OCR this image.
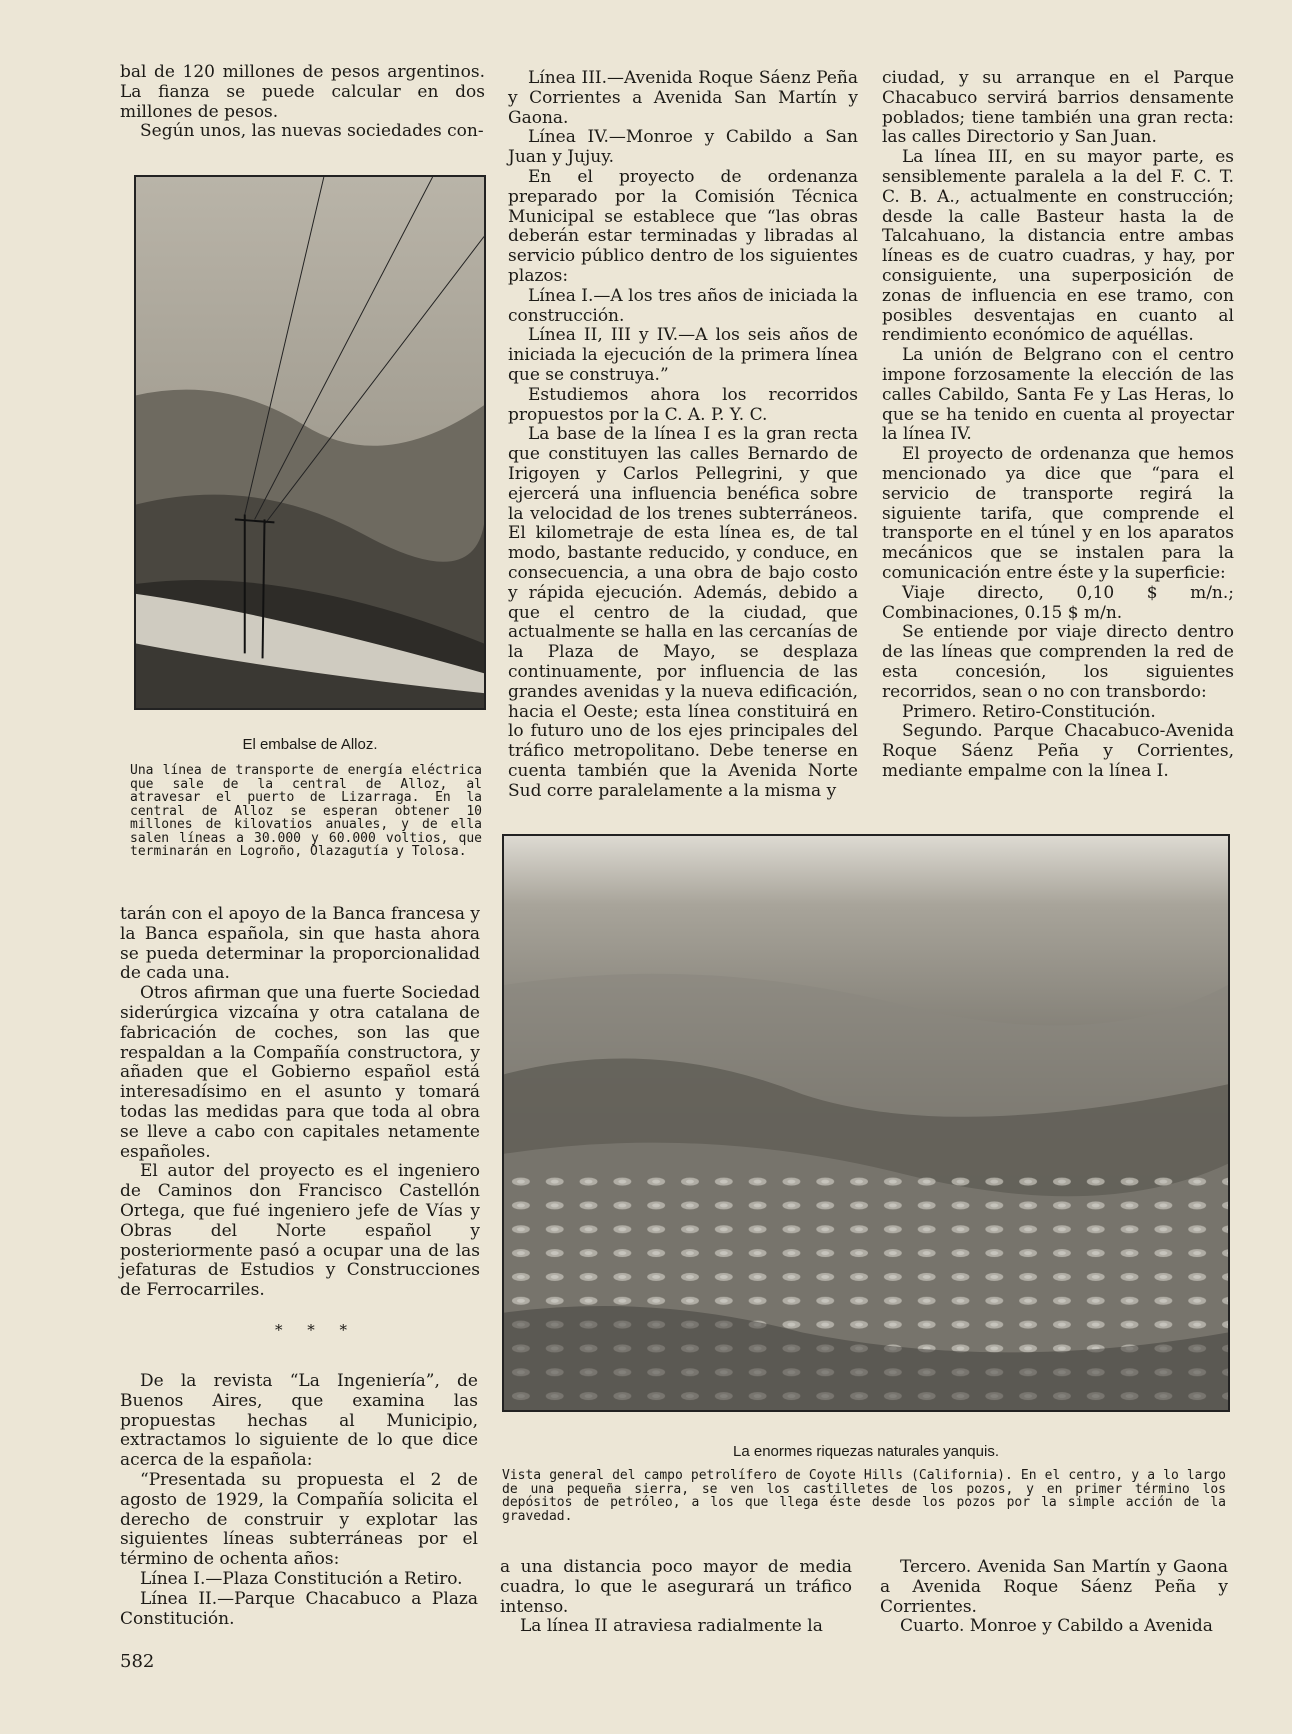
bal de 120 millones de pesos argentinos. La fianza se puede calcular en dos millones de pesos.

Según unos, las nuevas sociedades con-

El embalse de Alloz.
Una línea de transporte de energía eléctrica que sale de la central de Alloz, al atravesar el puerto de Lizarraga. En la central de Alloz se esperan obtener 10 millones de kilovatios anuales, y de ella salen líneas a 30.000 y 60.000 voltios, que terminarán en Logroño, Olazagutía y Tolosa.

tarán con el apoyo de la Banca francesa y la Banca española, sin que hasta ahora se pueda determinar la proporcionalidad de cada una.

Otros afirman que una fuerte Sociedad siderúrgica vizcaína y otra catalana de fabricación de coches, son las que respaldan a la Compañía constructora, y añaden que el Gobierno español está interesadísimo en el asunto y tomará todas las medidas para que toda al obra se lleve a cabo con capitales netamente españoles.

El autor del proyecto es el ingeniero de Caminos don Francisco Castellón Ortega, que fué ingeniero jefe de Vías y Obras del Norte español y posteriormente pasó a ocupar una de las jefaturas de Estudios y Construcciones de Ferrocarriles.

* * *

De la revista “La Ingeniería”, de Buenos Aires, que examina las propuestas hechas al Municipio, extractamos lo siguiente de lo que dice acerca de la española:

“Presentada su propuesta el 2 de agosto de 1929, la Compañía solicita el derecho de construir y explotar las siguientes líneas subterráneas por el término de ochenta años:

Línea I.—Plaza Constitución a Retiro.

Línea II.—Parque Chacabuco a Plaza Constitución.

582

Línea III.—Avenida Roque Sáenz Peña y Corrientes a Avenida San Martín y Gaona.

Línea IV.—Monroe y Cabildo a San Juan y Jujuy.

En el proyecto de ordenanza preparado por la Comisión Técnica Municipal se establece que “las obras deberán estar terminadas y libradas al servicio público dentro de los siguientes plazos:

Línea I.—A los tres años de iniciada la construcción.

Línea II, III y IV.—A los seis años de iniciada la ejecución de la primera línea que se construya.”

Estudiemos ahora los recorridos propuestos por la C. A. P. Y. C.

La base de la línea I es la gran recta que constituyen las calles Bernardo de Irigoyen y Carlos Pellegrini, y que ejercerá una influencia benéfica sobre la velocidad de los trenes subterráneos. El kilometraje de esta línea es, de tal modo, bastante reducido, y conduce, en consecuencia, a una obra de bajo costo y rápida ejecución. Además, debido a que el centro de la ciudad, que actualmente se halla en las cercanías de la Plaza de Mayo, se desplaza continuamente, por influencia de las grandes avenidas y la nueva edificación, hacia el Oeste; esta línea constituirá en lo futuro uno de los ejes principales del tráfico metropolitano. Debe tenerse en cuenta también que la Avenida Norte Sud corre paralelamente a la misma y

ciudad, y su arranque en el Parque Chacabuco servirá barrios densamente poblados; tiene también una gran recta: las calles Directorio y San Juan.

La línea III, en su mayor parte, es sensiblemente paralela a la del F. C. T. C. B. A., actualmente en construcción; desde la calle Basteur hasta la de Talcahuano, la distancia entre ambas líneas es de cuatro cuadras, y hay, por consiguiente, una superposición de zonas de influencia en ese tramo, con posibles desventajas en cuanto al rendimiento económico de aquéllas.

La unión de Belgrano con el centro impone forzosamente la elección de las calles Cabildo, Santa Fe y Las Heras, lo que se ha tenido en cuenta al proyectar la línea IV.

El proyecto de ordenanza que hemos mencionado ya dice que “para el servicio de transporte regirá la siguiente tarifa, que comprende el transporte en el túnel y en los aparatos mecánicos que se instalen para la comunicación entre éste y la superficie:

Viaje directo, 0,10 $ m/n.; Combinaciones, 0.15 $ m/n.

Se entiende por viaje directo dentro de las líneas que comprenden la red de esta concesión, los siguientes recorridos, sean o no con transbordo:

Primero. Retiro-Constitución.

Segundo. Parque Chacabuco-Avenida Roque Sáenz Peña y Corrientes, mediante empalme con la línea I.

La enormes riquezas naturales yanquis.
Vista general del campo petrolífero de Coyote Hills (California). En el centro, y a lo largo de una pequeña sierra, se ven los castilletes de los pozos, y en primer término los depósitos de petróleo, a los que llega éste desde los pozos por la simple acción de la gravedad.

a una distancia poco mayor de media cuadra, lo que le asegurará un tráfico intenso.

La línea II atraviesa radialmente la

Tercero. Avenida San Martín y Gaona a Avenida Roque Sáenz Peña y Corrientes.

Cuarto. Monroe y Cabildo a Avenida
